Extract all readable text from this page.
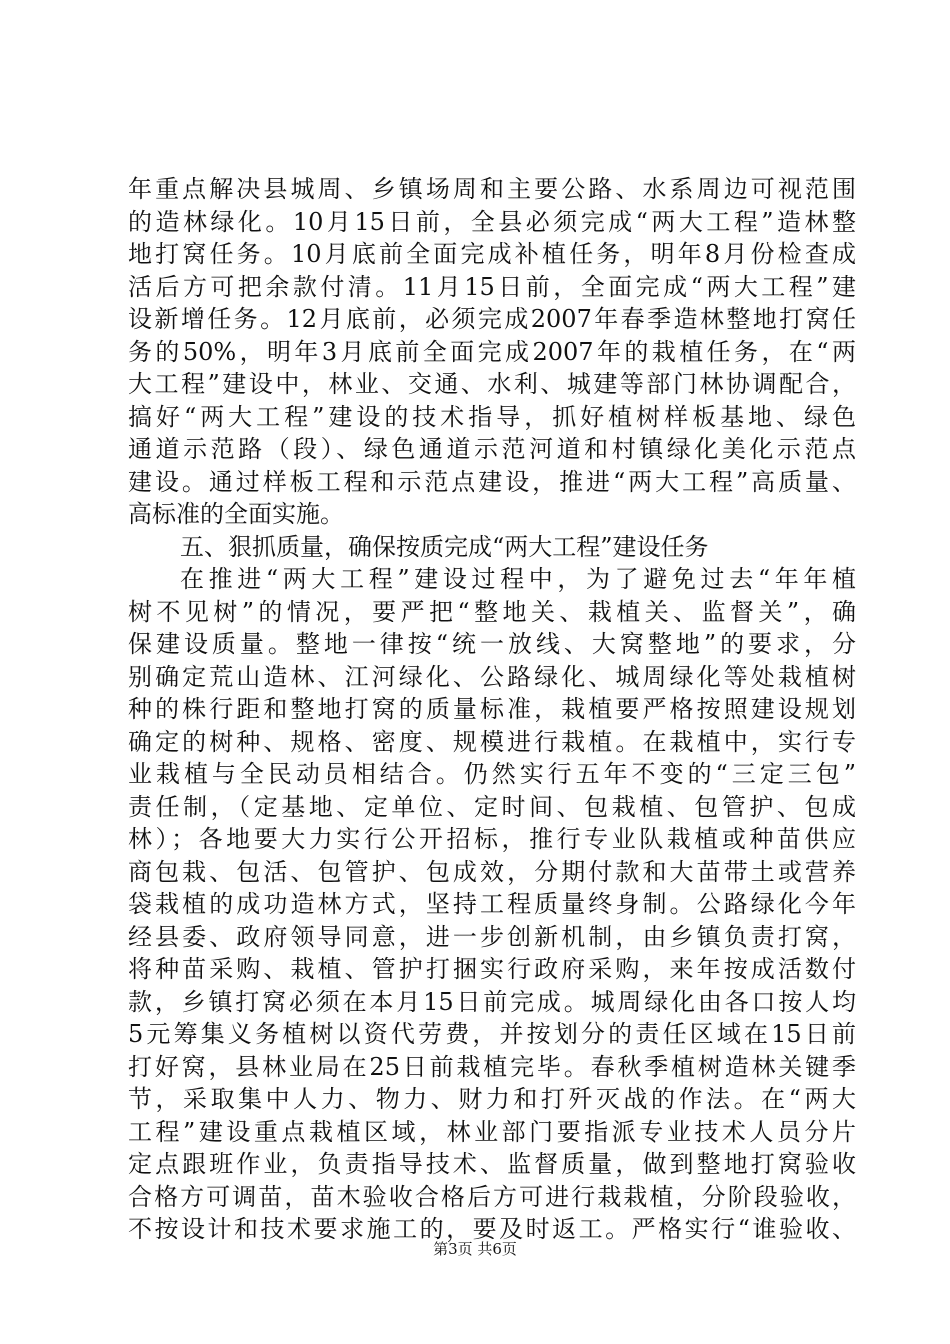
年重点解决县城周、乡镇场周和主要公路、水系周边可视范围
的造林绿化。10月15日前，全县必须完成“两大工程”造林整
地打窝任务。10月底前全面完成补植任务，明年8月份检查成
活后方可把余款付清。11月15日前，全面完成“两大工程”建
设新增任务。12月底前，必须完成2007年春季造林整地打窝任
务的50%，明年3月底前全面完成2007年的栽植任务，在“两
大工程”建设中，林业、交通、水利、城建等部门林协调配合，
搞好“两大工程”建设的技术指导，抓好植树样板基地、绿色
通道示范路（段）、绿色通道示范河道和村镇绿化美化示范点
建设。通过样板工程和示范点建设，推进“两大工程”高质量、
高标准的全面实施。
五、狠抓质量，确保按质完成“两大工程”建设任务
在推进“两大工程”建设过程中，为了避免过去“年年植
树不见树”的情况，要严把“整地关、栽植关、监督关”，确
保建设质量。整地一律按“统一放线、大窝整地”的要求，分
别确定荒山造林、江河绿化、公路绿化、城周绿化等处栽植树
种的株行距和整地打窝的质量标准，栽植要严格按照建设规划
确定的树种、规格、密度、规模进行栽植。在栽植中，实行专
业栽植与全民动员相结合。仍然实行五年不变的“三定三包”
责任制，（定基地、定单位、定时间、包栽植、包管护、包成
林）；各地要大力实行公开招标，推行专业队栽植或种苗供应
商包栽、包活、包管护、包成效，分期付款和大苗带土或营养
袋栽植的成功造林方式，坚持工程质量终身制。公路绿化今年
经县委、政府领导同意，进一步创新机制，由乡镇负责打窝，
将种苗采购、栽植、管护打捆实行政府采购，来年按成活数付
款，乡镇打窝必须在本月15日前完成。城周绿化由各口按人均
5元筹集义务植树以资代劳费，并按划分的责任区域在15日前
打好窝，县林业局在25日前栽植完毕。春秋季植树造林关键季
节，采取集中人力、物力、财力和打歼灭战的作法。在“两大
工程”建设重点栽植区域，林业部门要指派专业技术人员分片
定点跟班作业，负责指导技术、监督质量，做到整地打窝验收
合格方可调苗，苗木验收合格后方可进行栽栽植，分阶段验收，
不按设计和技术要求施工的，要及时返工。严格实行“谁验收、
第3页 共6页
